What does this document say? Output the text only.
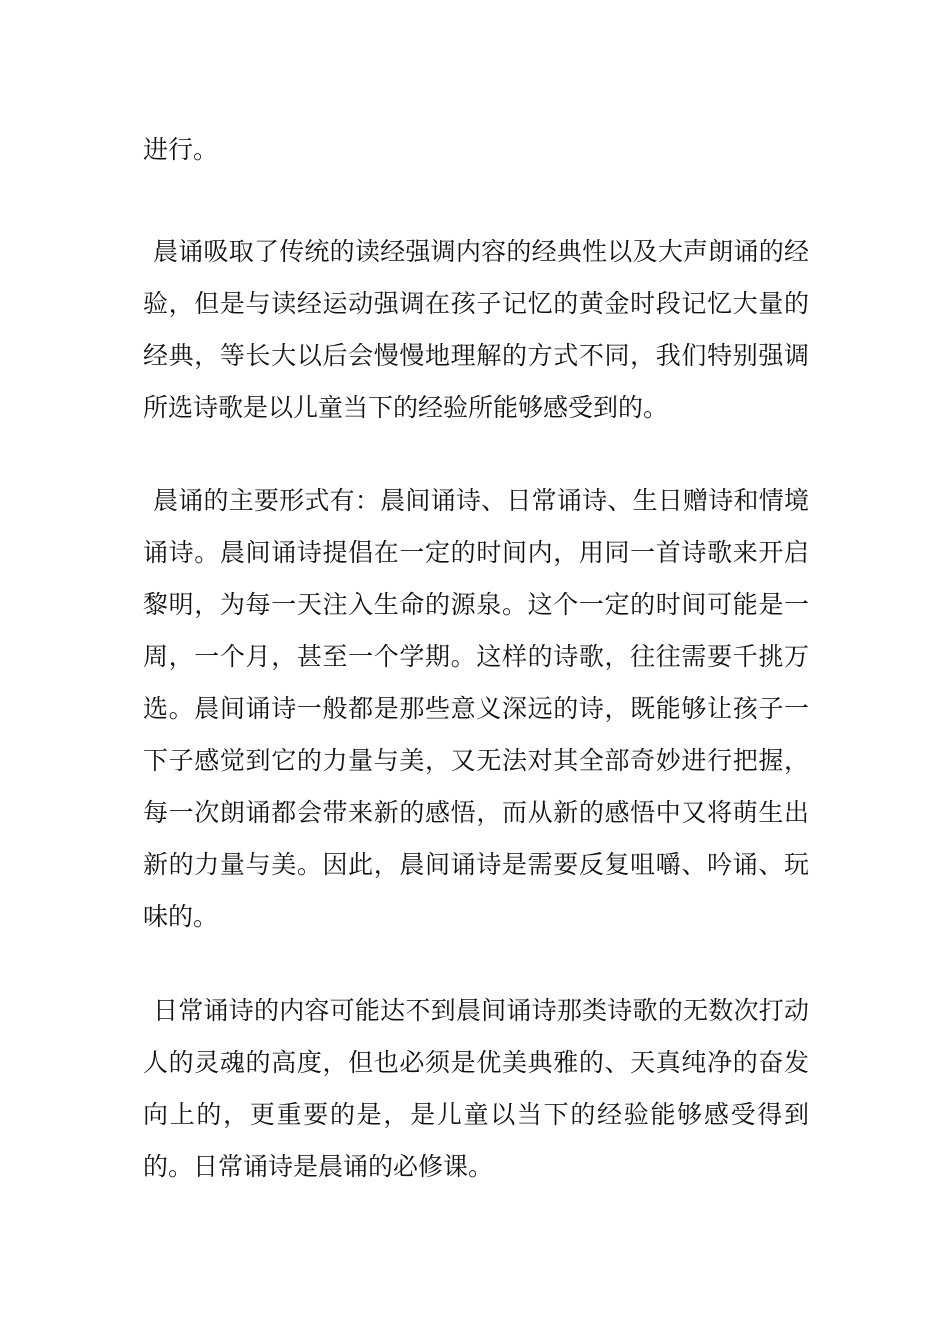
进行。

晨诵吸取了传统的读经强调内容的经典性以及大声朗诵的经验，但是与读经运动强调在孩子记忆的黄金时段记忆大量的经典，等长大以后会慢慢地理解的方式不同，我们特别强调所选诗歌是以儿童当下的经验所能够感受到的。

晨诵的主要形式有：晨间诵诗、日常诵诗、生日赠诗和情境诵诗。晨间诵诗提倡在一定的时间内，用同一首诗歌来开启黎明，为每一天注入生命的源泉。这个一定的时间可能是一周，一个月，甚至一个学期。这样的诗歌，往往需要千挑万选。晨间诵诗一般都是那些意义深远的诗，既能够让孩子一下子感觉到它的力量与美，又无法对其全部奇妙进行把握，每一次朗诵都会带来新的感悟，而从新的感悟中又将萌生出新的力量与美。因此，晨间诵诗是需要反复咀嚼、吟诵、玩味的。

日常诵诗的内容可能达不到晨间诵诗那类诗歌的无数次打动人的灵魂的高度，但也必须是优美典雅的、天真纯净的奋发向上的，更重要的是，是儿童以当下的经验能够感受得到的。日常诵诗是晨诵的必修课。
